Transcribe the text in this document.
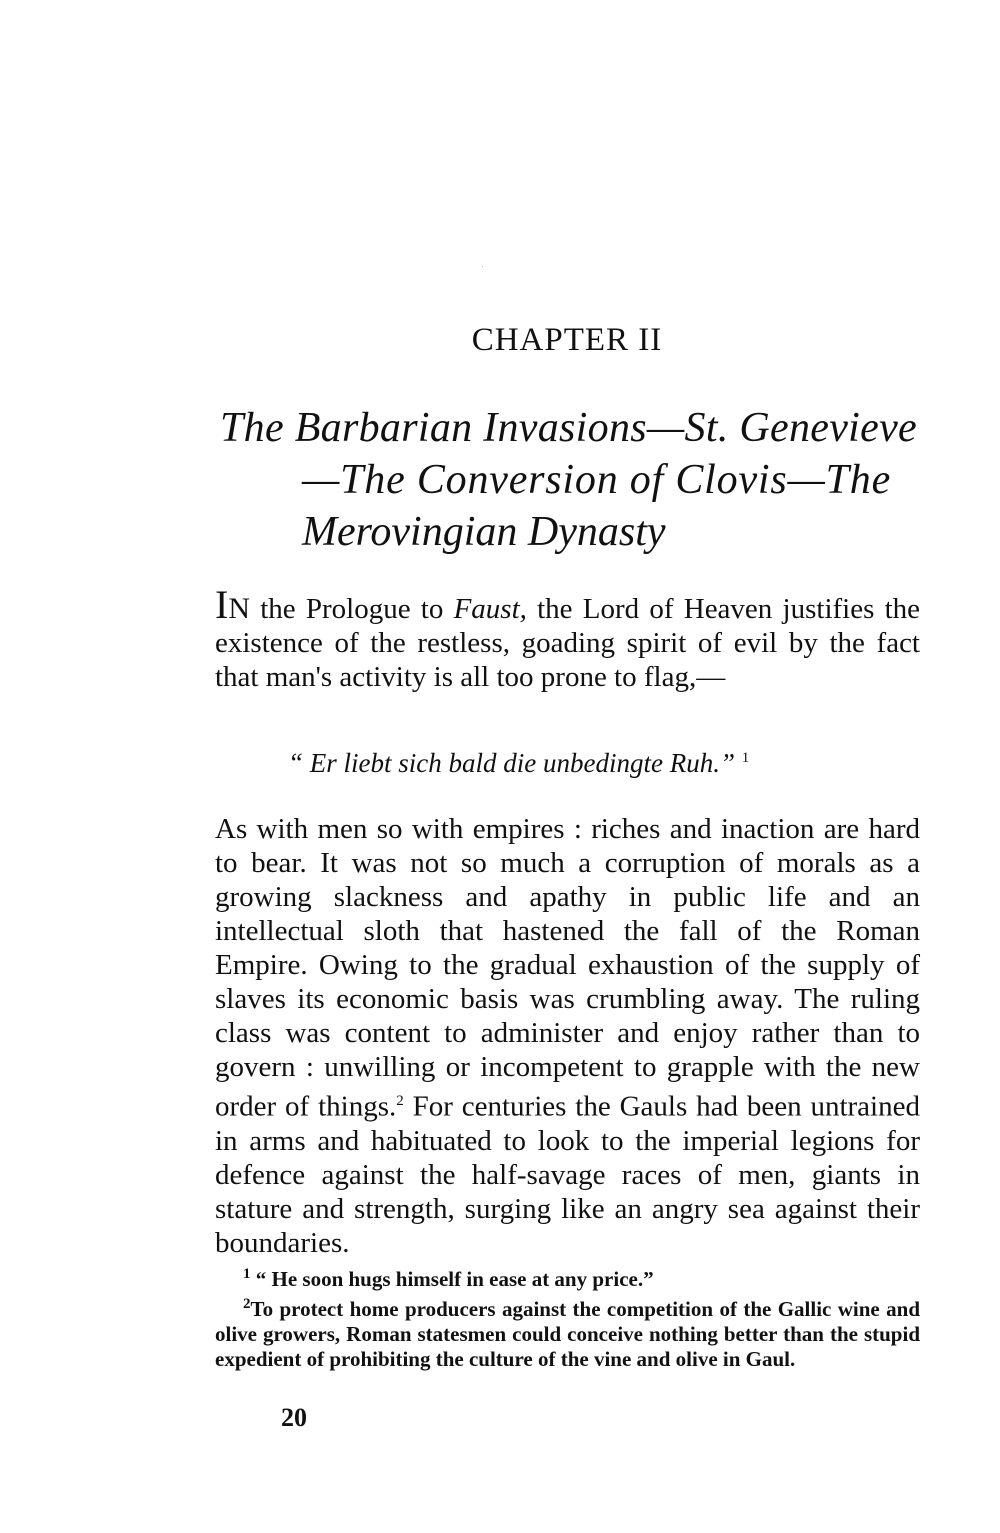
CHAPTER II
The Barbarian Invasions—St. Genevieve
—The Conversion of Clovis—The
Merovingian Dynasty
IN the Prologue to Faust, the Lord of Heaven justifies the existence of the restless, goading spirit of evil by the fact that man's activity is all too prone to flag,—
“ Er liebt sich bald die unbedingte Ruh.” $^1$
As with men so with empires : riches and inaction are hard to bear. It was not so much a corruption of morals as a growing slackness and apathy in public life and an intellectual sloth that hastened the fall of the Roman Empire. Owing to the gradual exhaustion of the supply of slaves its economic basis was crumbling away. The ruling class was content to administer and enjoy rather than to govern : unwilling or incompetent to grapple with the new order of things.$^2$ For centuries the Gauls had been untrained in arms and habituated to look to the imperial legions for defence against the half-savage races of men, giants in stature and strength, surging like an angry sea against their boundaries.
$^1$ “ He soon hugs himself in ease at any price.”
$^2$To protect home producers against the competition of the Gallic wine and olive growers, Roman statesmen could conceive nothing better than the stupid expedient of prohibiting the culture of the vine and olive in Gaul.
20
